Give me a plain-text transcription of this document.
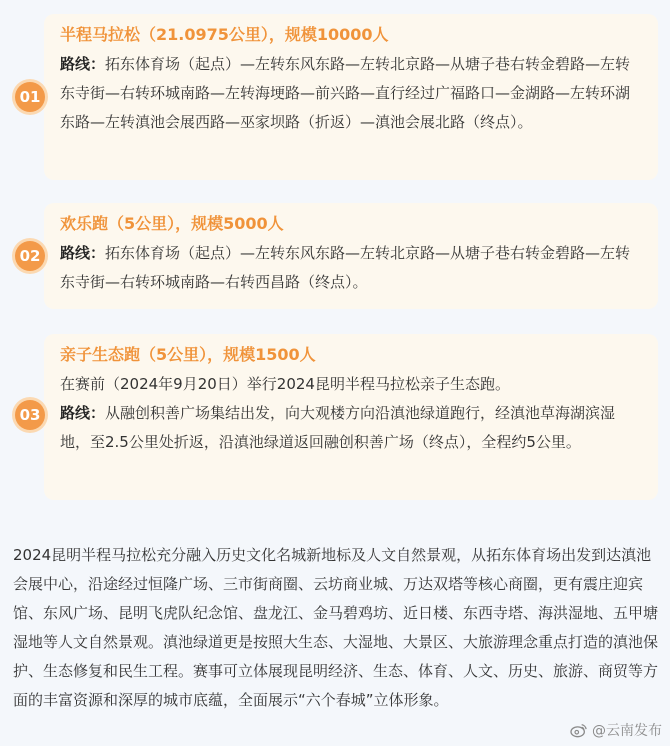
半程马拉松（21.0975公里），规模10000人
路线：拓东体育场（起点）—左转东风东路—左转北京路—从塘子巷右转金碧路—左转东寺街—右转环城南路—左转海埂路—前兴路—直行经过广福路口—金湖路—左转环湖东路—左转滇池会展西路—巫家坝路（折返）—滇池会展北路（终点）。
01
欢乐跑（5公里），规模5000人
路线：拓东体育场（起点）—左转东风东路—左转北京路—从塘子巷右转金碧路—左转东寺街—右转环城南路—右转西昌路（终点）。
02
亲子生态跑（5公里），规模1500人
在赛前（2024年9月20日）举行2024昆明半程马拉松亲子生态跑。
路线：从融创积善广场集结出发，向大观楼方向沿滇池绿道跑行，经滇池草海湖滨湿地，至2.5公里处折返，沿滇池绿道返回融创积善广场（终点），全程约5公里。
03
2024昆明半程马拉松充分融入历史文化名城新地标及人文自然景观，从拓东体育场出发到达滇池会展中心，沿途经过恒隆广场、三市街商圈、云坊商业城、万达双塔等核心商圈，更有震庄迎宾馆、东风广场、昆明飞虎队纪念馆、盘龙江、金马碧鸡坊、近日楼、东西寺塔、海洪湿地、五甲塘湿地等人文自然景观。滇池绿道更是按照大生态、大湿地、大景区、大旅游理念重点打造的滇池保护、生态修复和民生工程。赛事可立体展现昆明经济、生态、体育、人文、历史、旅游、商贸等方面的丰富资源和深厚的城市底蕴，全面展示“六个春城”立体形象。
@云南发布
